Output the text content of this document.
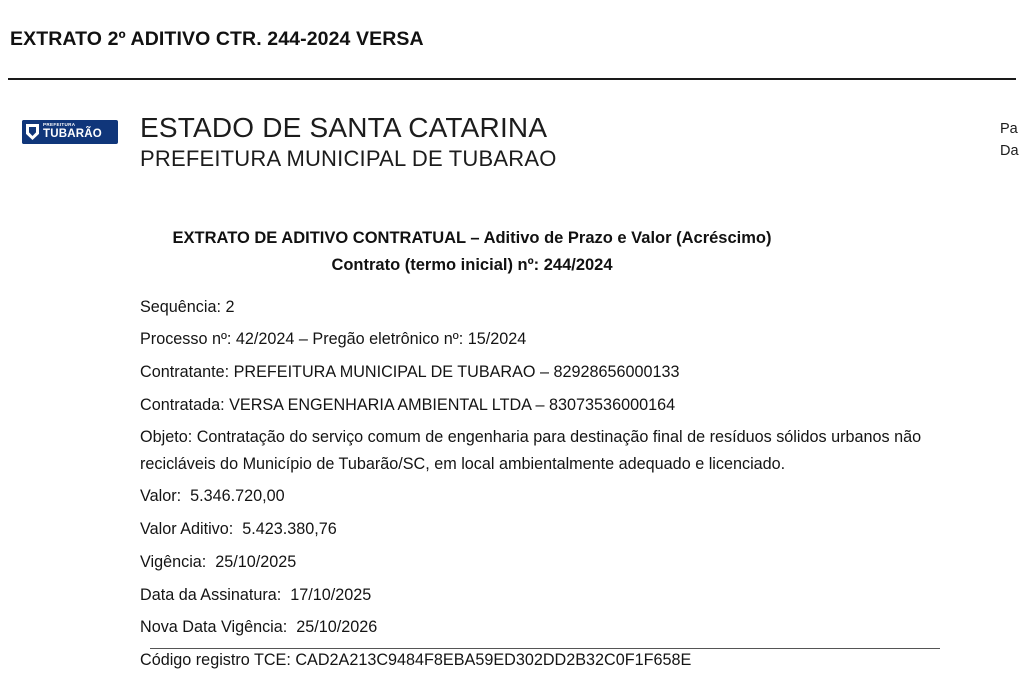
EXTRATO 2º ADITIVO CTR. 244-2024 VERSA
PREFEITURA
TUBARÃO ESTADO DE SANTA CATARINA
PREFEITURA MUNICIPAL DE TUBARAO
Pa
Da
EXTRATO DE ADITIVO CONTRATUAL – Aditivo de Prazo e Valor (Acréscimo)
Contrato (termo inicial) nº: 244/2024
Sequência: 2
Processo nº: 42/2024 – Pregão eletrônico nº: 15/2024
Contratante: PREFEITURA MUNICIPAL DE TUBARAO – 82928656000133
Contratada: VERSA ENGENHARIA AMBIENTAL LTDA – 83073536000164
Objeto: Contratação do serviço comum de engenharia para destinação final de resíduos sólidos urbanos não recicláveis do Município de Tubarão/SC, em local ambientalmente adequado e licenciado.
Valor:  5.346.720,00
Valor Aditivo:  5.423.380,76
Vigência:  25/10/2025
Data da Assinatura:  17/10/2025
Nova Data Vigência:  25/10/2026
Código registro TCE: CAD2A213C9484F8EBA59ED302DD2B32C0F1F658E
